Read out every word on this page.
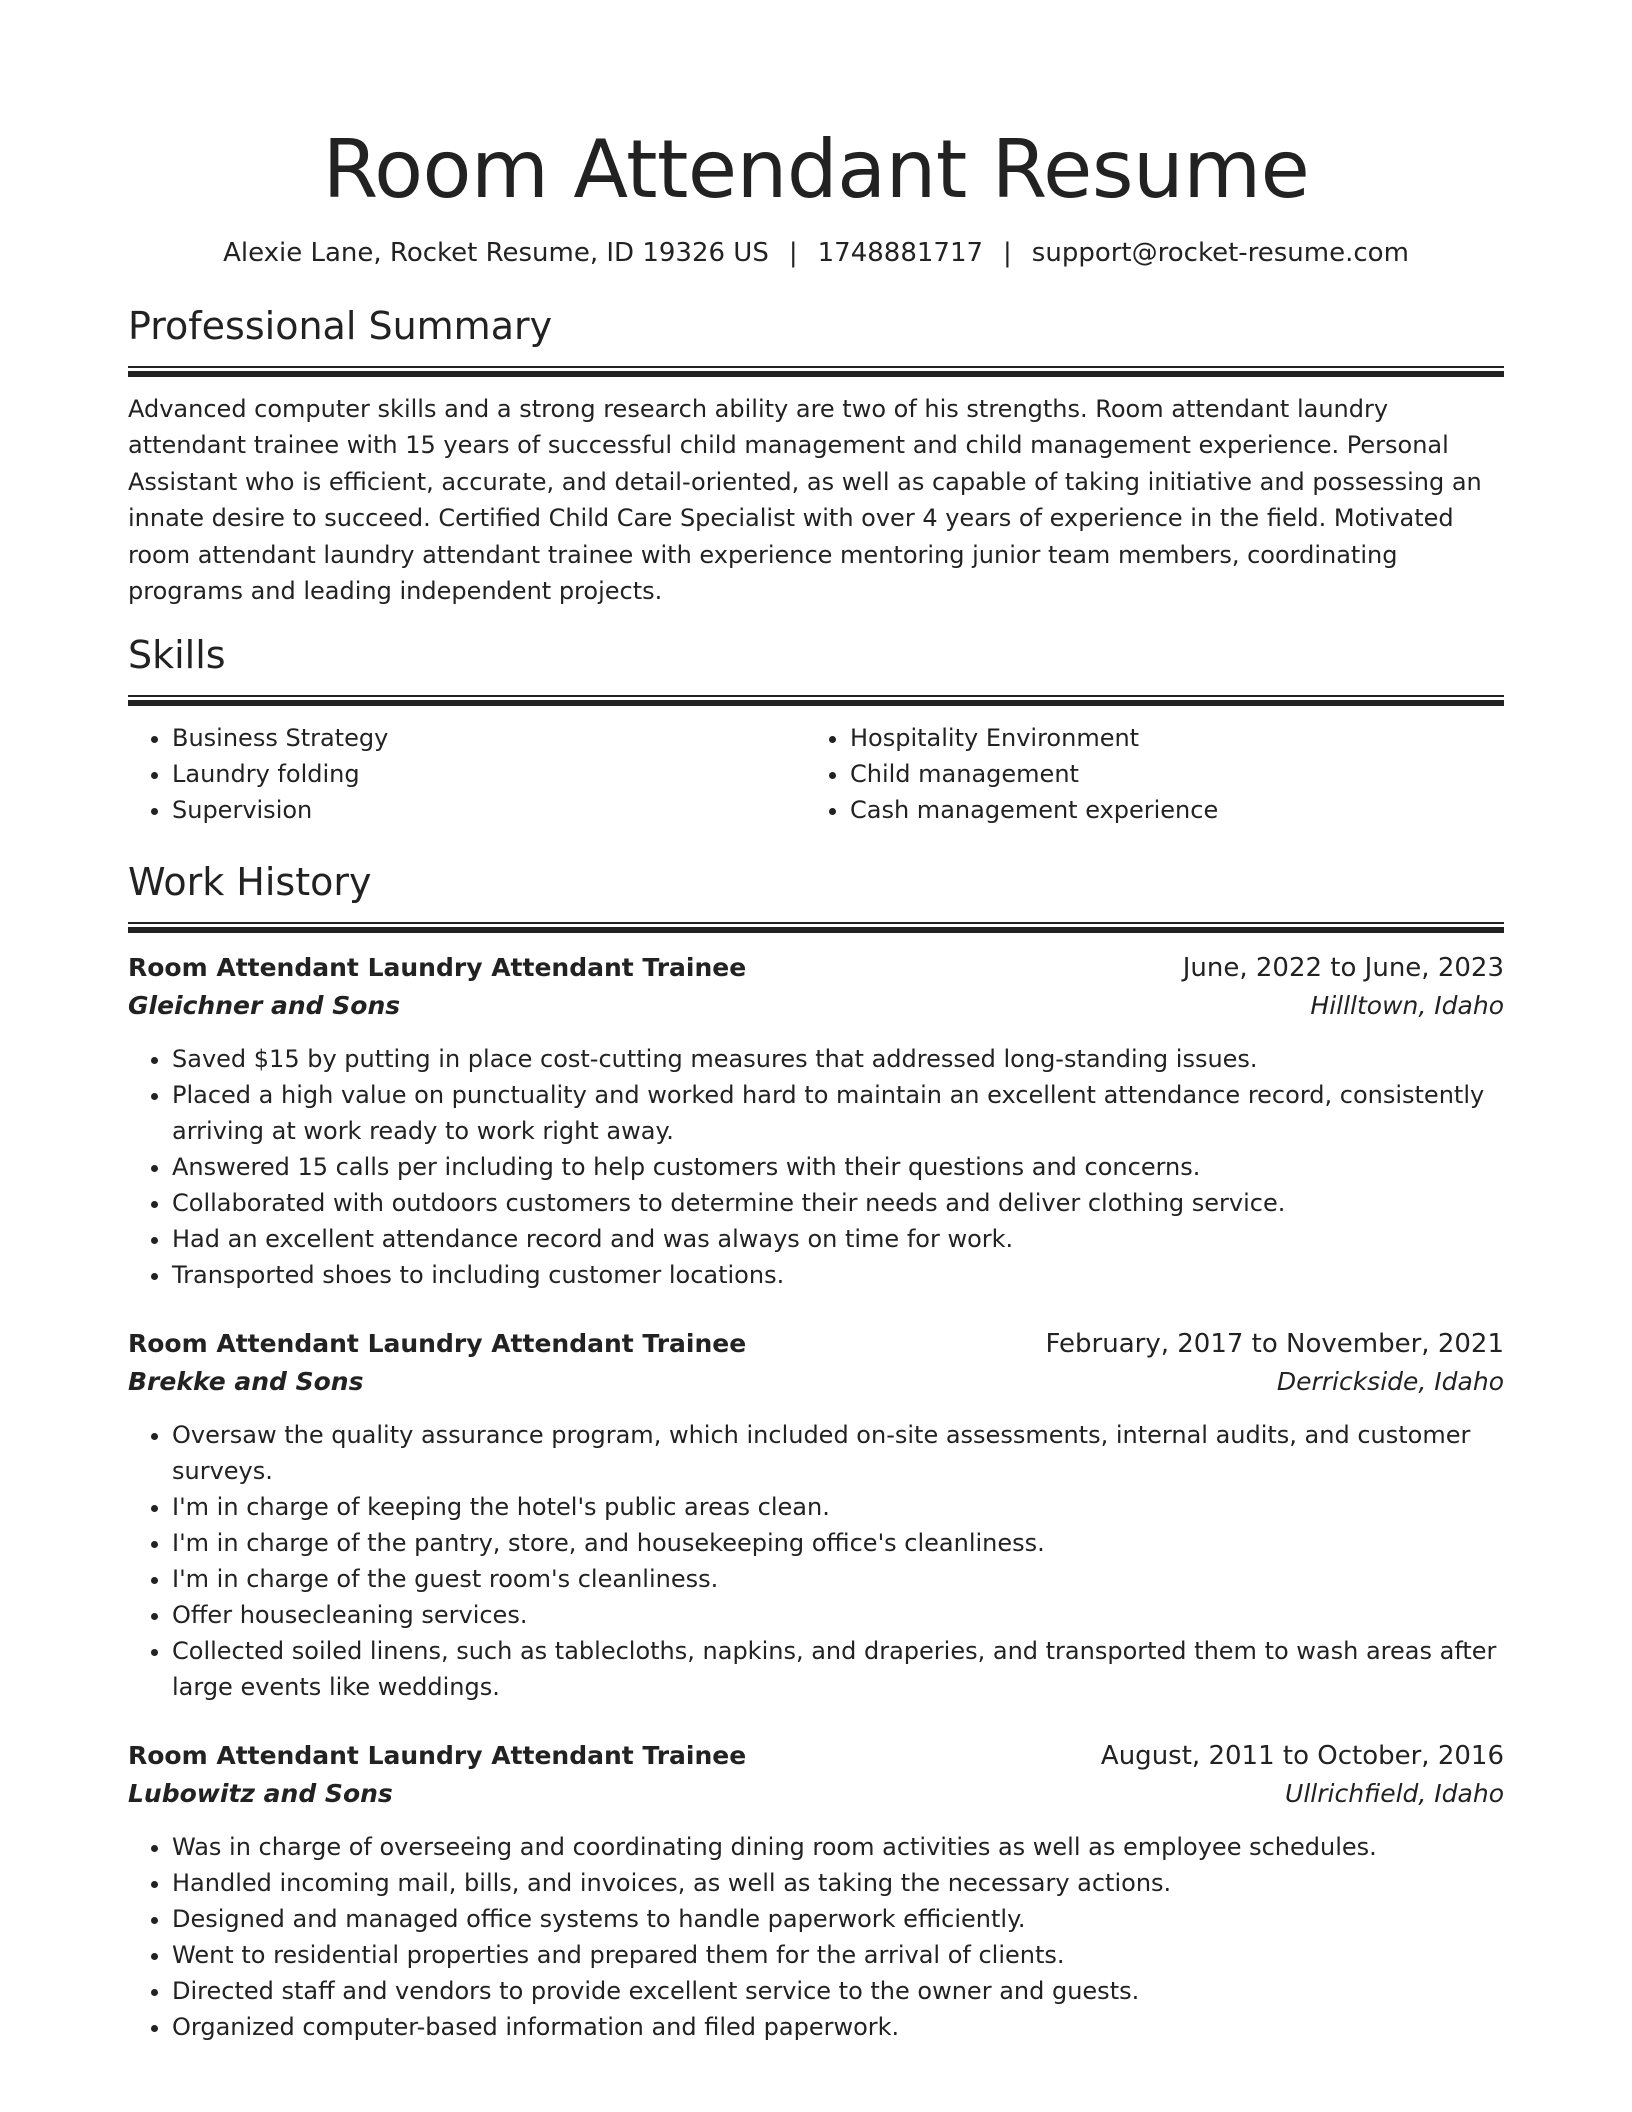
Room Attendant Resume
Alexie Lane, Rocket Resume, ID 19326 US | 1748881717 | support@rocket-resume.com
Professional Summary

Advanced computer skills and a strong research ability are two of his strengths. Room attendant laundry attendant trainee with 15 years of successful child management and child management experience. Personal Assistant who is efficient, accurate, and detail-oriented, as well as capable of taking initiative and possessing an innate desire to succeed. Certified Child Care Specialist with over 4 years of experience in the field. Motivated room attendant laundry attendant trainee with experience mentoring junior team members, coordinating programs and leading independent projects.

Skills
• Business Strategy
• Laundry folding
• Supervision
• Hospitality Environment
• Child management
• Cash management experience
Work History
Room Attendant Laundry Attendant Trainee	June, 2022 to June, 2023
Gleichner and Sons	Hillltown, Idaho
• Saved $15 by putting in place cost-cutting measures that addressed long-standing issues.
• Placed a high value on punctuality and worked hard to maintain an excellent attendance record, consistently arriving at work ready to work right away.
• Answered 15 calls per including to help customers with their questions and concerns.
• Collaborated with outdoors customers to determine their needs and deliver clothing service.
• Had an excellent attendance record and was always on time for work.
• Transported shoes to including customer locations.
Room Attendant Laundry Attendant Trainee	February, 2017 to November, 2021
Brekke and Sons	Derrickside, Idaho
• Oversaw the quality assurance program, which included on-site assessments, internal audits, and customer surveys.
• I'm in charge of keeping the hotel's public areas clean.
• I'm in charge of the pantry, store, and housekeeping office's cleanliness.
• I'm in charge of the guest room's cleanliness.
• Offer housecleaning services.
• Collected soiled linens, such as tablecloths, napkins, and draperies, and transported them to wash areas after large events like weddings.
Room Attendant Laundry Attendant Trainee	August, 2011 to October, 2016
Lubowitz and Sons	Ullrichfield, Idaho
• Was in charge of overseeing and coordinating dining room activities as well as employee schedules.
• Handled incoming mail, bills, and invoices, as well as taking the necessary actions.
• Designed and managed office systems to handle paperwork efficiently.
• Went to residential properties and prepared them for the arrival of clients.
• Directed staff and vendors to provide excellent service to the owner and guests.
• Organized computer-based information and filed paperwork.
